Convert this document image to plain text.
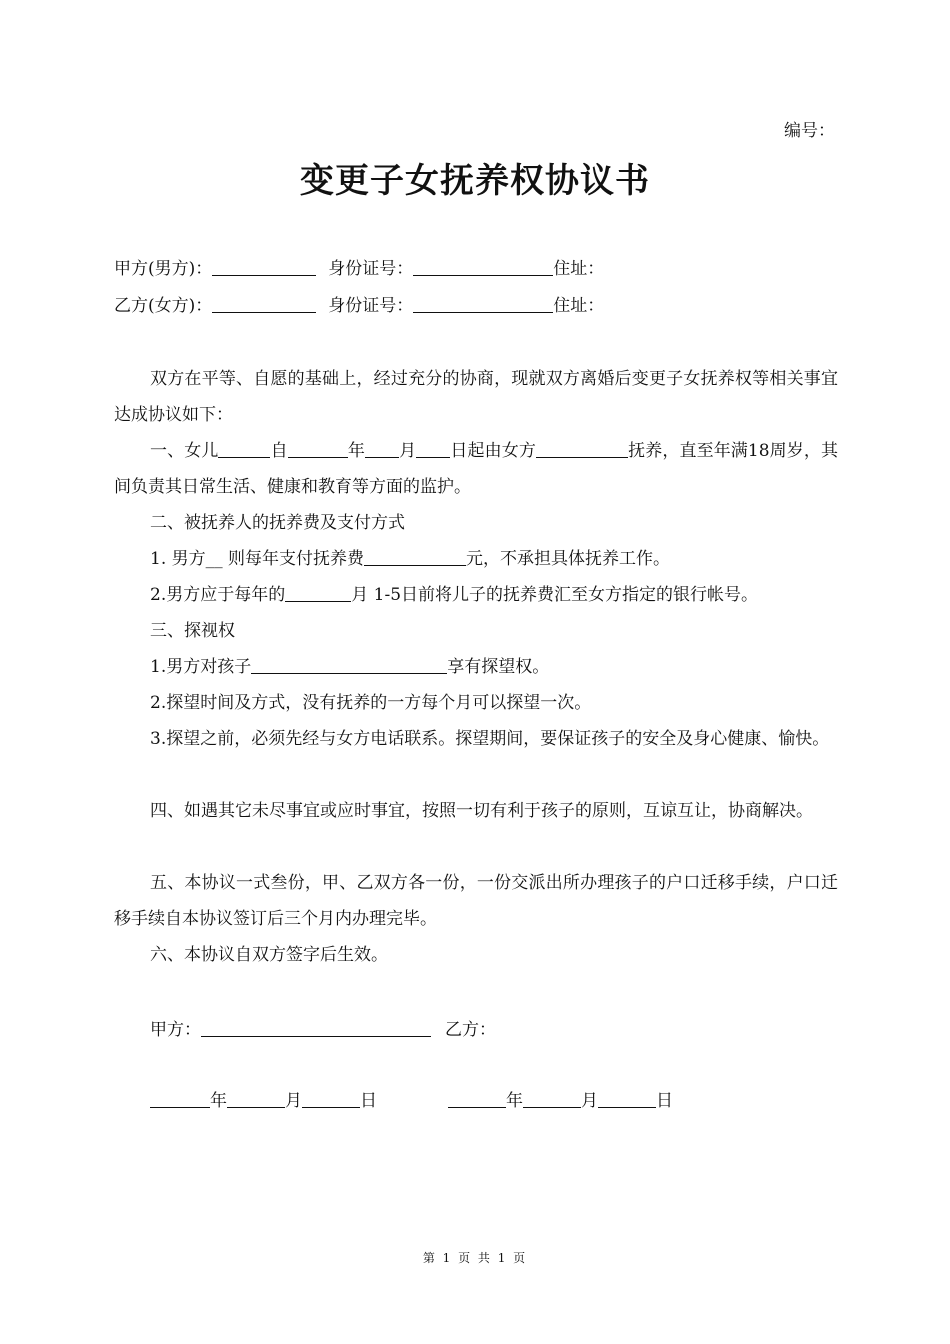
编号：
变更子女抚养权协议书
甲方(男方)：	身份证号：	住址：
乙方(女方)：	身份证号：	住址：
双方在平等、自愿的基础上，经过充分的协商，现就双方离婚后变更子女抚养权等相关事宜达成协议如下：
一、女儿	自	年 月 日起由女方	抚养，直至年满18周岁，其间负责其日常生活、健康和教育等方面的监护。
二、被抚养人的抚养费及支付方式
1. 男方__ 则每年支付抚养费	元，不承担具体抚养工作。
2.男方应于每年的	月 1-5日前将儿子的抚养费汇至女方指定的银行帐号。
三、探视权
1.男方对孩子	享有探望权。
2.探望时间及方式，没有抚养的一方每个月可以探望一次。
3.探望之前，必须先经与女方电话联系。探望期间，要保证孩子的安全及身心健康、愉快。
四、如遇其它未尽事宜或应时事宜，按照一切有利于孩子的原则，互谅互让，协商解决。
五、本协议一式叁份，甲、乙双方各一份，一份交派出所办理孩子的户口迁移手续，户口迁移手续自本协议签订后三个月内办理完毕。
六、本协议自双方签字后生效。
甲方：	乙方：
年	月	日	年	月	日
第 1 页 共 1 页
